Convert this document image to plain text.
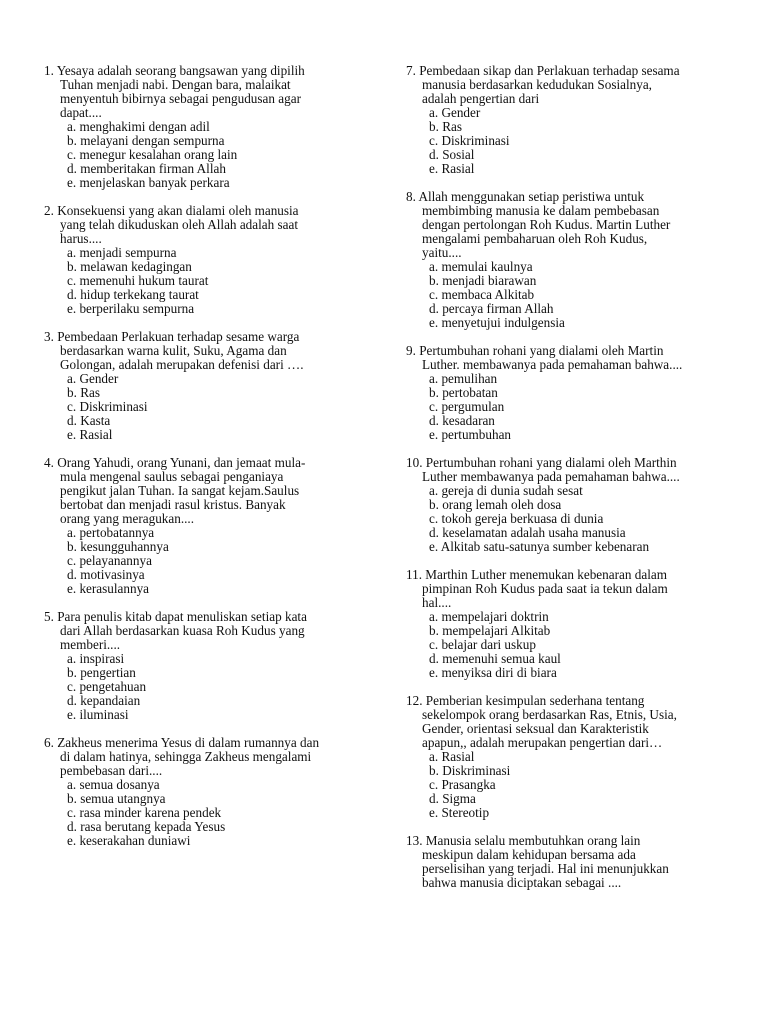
1. Yesaya adalah seorang bangsawan yang dipilih
Tuhan menjadi nabi. Dengan bara, malaikat
menyentuh bibirnya sebagai pengudusan agar
dapat....
a. menghakimi dengan adil
b. melayani dengan sempurna
c. menegur kesalahan orang lain
d. memberitakan firman Allah
e. menjelaskan banyak perkara
2. Konsekuensi yang akan dialami oleh manusia
yang telah dikuduskan oleh Allah adalah saat
harus....
a. menjadi sempurna
b. melawan kedagingan
c. memenuhi hukum taurat
d. hidup terkekang taurat
e. berperilaku sempurna
3. Pembedaan Perlakuan terhadap sesame warga
berdasarkan warna kulit, Suku, Agama dan
Golongan, adalah merupakan defenisi dari ….
a. Gender
b. Ras
c. Diskriminasi
d. Kasta
e. Rasial
4. Orang Yahudi, orang Yunani, dan jemaat mula-
mula mengenal saulus sebagai penganiaya
pengikut jalan Tuhan. Ia sangat kejam.Saulus
bertobat dan menjadi rasul kristus. Banyak
orang yang meragukan....
a. pertobatannya
b. kesungguhannya
c. pelayanannya
d. motivasinya
e. kerasulannya
5. Para penulis kitab dapat menuliskan setiap kata
dari Allah berdasarkan kuasa Roh Kudus yang
memberi....
a. inspirasi
b. pengertian
c. pengetahuan
d. kepandaian
e. iluminasi
6. Zakheus menerima Yesus di dalam rumannya dan
di dalam hatinya, sehingga Zakheus mengalami
pembebasan dari....
a. semua dosanya
b. semua utangnya
c. rasa minder karena pendek
d. rasa berutang kepada Yesus
e. keserakahan duniawi
7. Pembedaan sikap dan Perlakuan terhadap sesama
manusia berdasarkan kedudukan Sosialnya,
adalah pengertian dari
a. Gender
b. Ras
c. Diskriminasi
d. Sosial
e. Rasial
8. Allah menggunakan setiap peristiwa untuk
membimbing manusia ke dalam pembebasan
dengan pertolongan Roh Kudus. Martin Luther
mengalami pembaharuan oleh Roh Kudus,
yaitu....
a. memulai kaulnya
b. menjadi biarawan
c. membaca Alkitab
d. percaya firman Allah
e. menyetujui indulgensia
9. Pertumbuhan rohani yang dialami oleh Martin
Luther. membawanya pada pemahaman bahwa....
a. pemulihan
b. pertobatan
c. pergumulan
d. kesadaran
e. pertumbuhan
10. Pertumbuhan rohani yang dialami oleh Marthin
Luther membawanya pada pemahaman bahwa....
a. gereja di dunia sudah sesat
b. orang lemah oleh dosa
c. tokoh gereja berkuasa di dunia
d. keselamatan adalah usaha manusia
e. Alkitab satu-satunya sumber kebenaran
11. Marthin Luther menemukan kebenaran dalam
pimpinan Roh Kudus pada saat ia tekun dalam
hal....
a. mempelajari doktrin
b. mempelajari Alkitab
c. belajar dari uskup
d. memenuhi semua kaul
e. menyiksa diri di biara
12. Pemberian kesimpulan sederhana tentang
sekelompok orang berdasarkan Ras, Etnis, Usia,
Gender, orientasi seksual dan Karakteristik
apapun,, adalah merupakan pengertian dari…
a. Rasial
b. Diskriminasi
c. Prasangka
d. Sigma
e. Stereotip
13. Manusia selalu membutuhkan orang lain
meskipun dalam kehidupan bersama ada
perselisihan yang terjadi. Hal ini menunjukkan
bahwa manusia diciptakan sebagai ....
